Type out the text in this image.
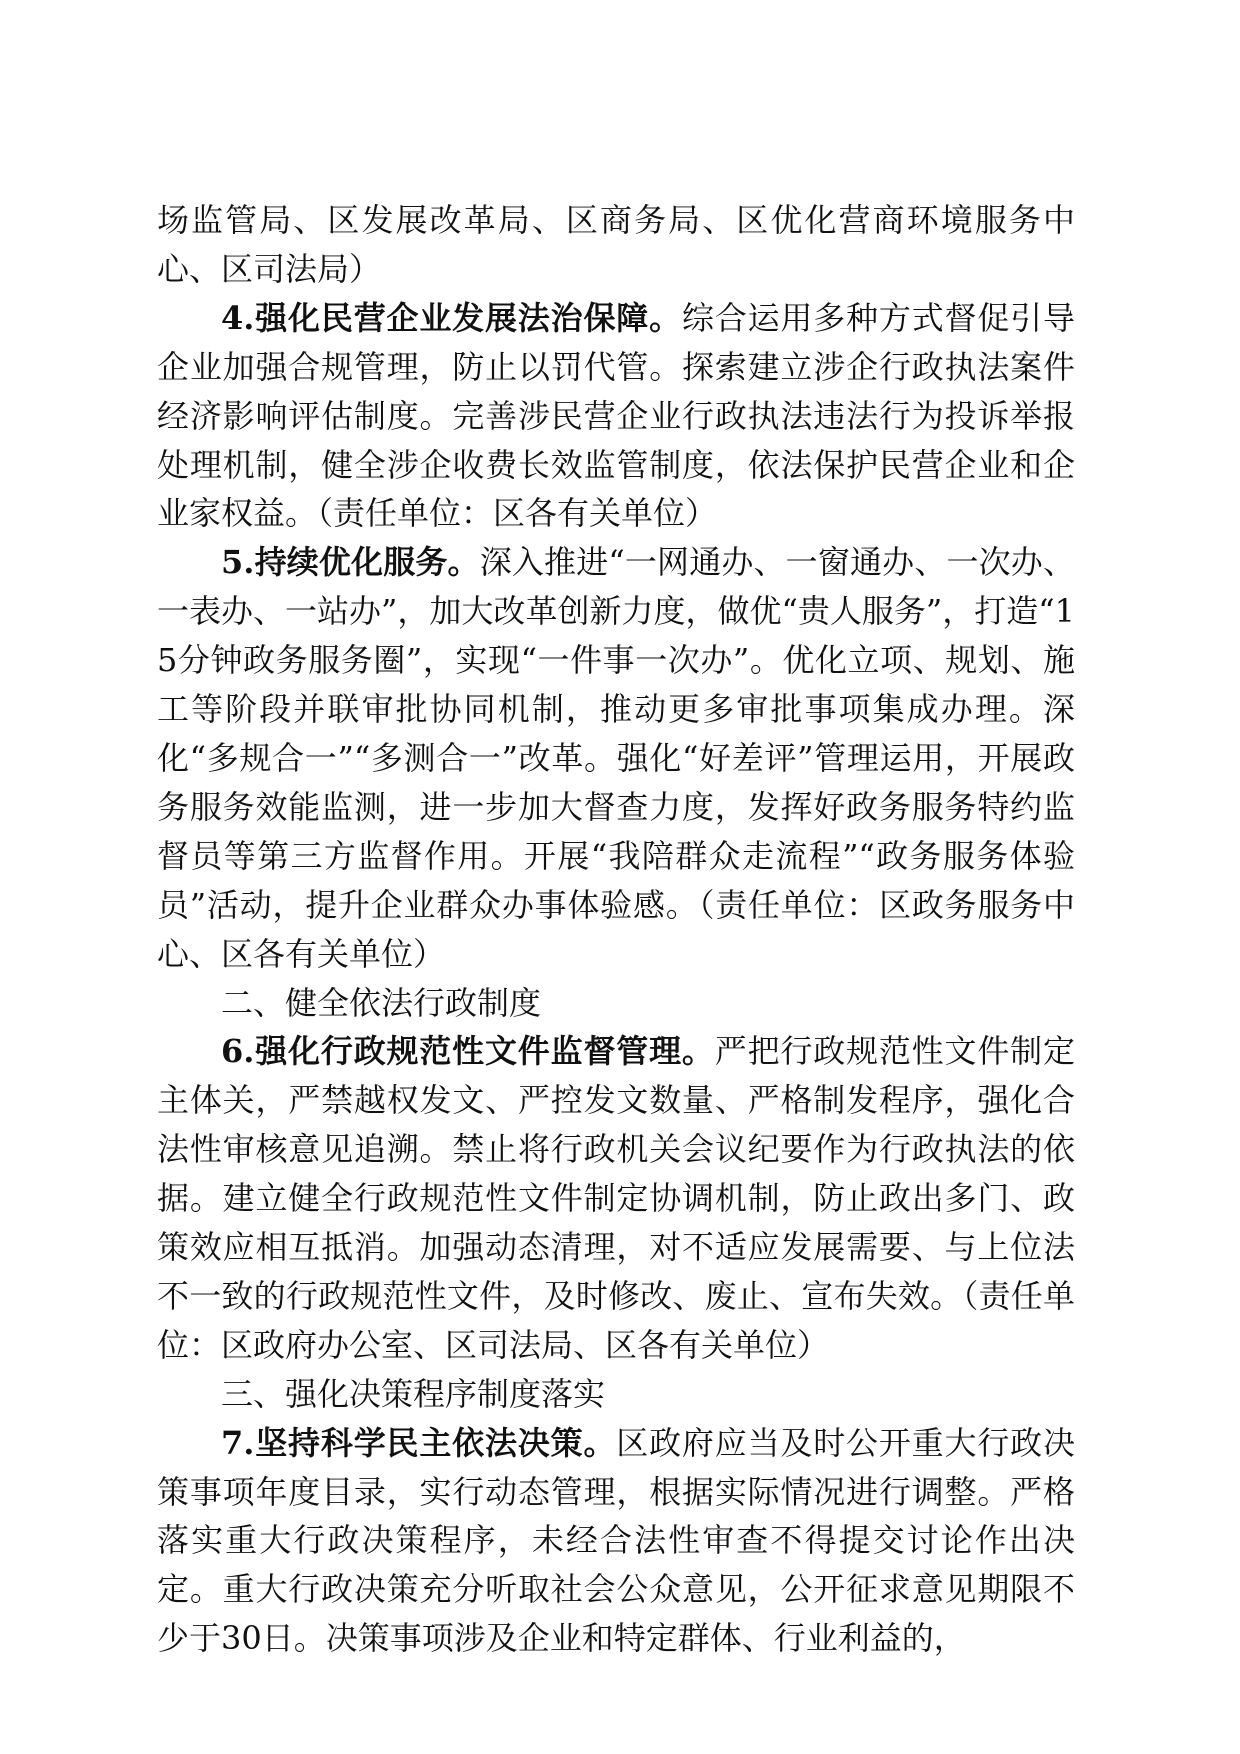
场监管局、区发展改革局、区商务局、区优化营商环境服务中心、区司法局）

4.强化民营企业发展法治保障。综合运用多种方式督促引导企业加强合规管理，防止以罚代管。探索建立涉企行政执法案件经济影响评估制度。完善涉民营企业行政执法违法行为投诉举报处理机制，健全涉企收费长效监管制度，依法保护民营企业和企业家权益。（责任单位：区各有关单位）

5.持续优化服务。深入推进“一网通办、一窗通办、一次办、一表办、一站办”，加大改革创新力度，做优“贵人服务”，打造“15分钟政务服务圈”，实现“一件事一次办”。优化立项、规划、施工等阶段并联审批协同机制，推动更多审批事项集成办理。深化“多规合一”“多测合一”改革。强化“好差评”管理运用，开展政务服务效能监测，进一步加大督查力度，发挥好政务服务特约监督员等第三方监督作用。开展“我陪群众走流程”“政务服务体验员”活动，提升企业群众办事体验感。（责任单位：区政务服务中心、区各有关单位）

二、健全依法行政制度

6.强化行政规范性文件监督管理。严把行政规范性文件制定主体关，严禁越权发文、严控发文数量、严格制发程序，强化合法性审核意见追溯。禁止将行政机关会议纪要作为行政执法的依据。建立健全行政规范性文件制定协调机制，防止政出多门、政策效应相互抵消。加强动态清理，对不适应发展需要、与上位法不一致的行政规范性文件，及时修改、废止、宣布失效。（责任单位：区政府办公室、区司法局、区各有关单位）

三、强化决策程序制度落实

7.坚持科学民主依法决策。区政府应当及时公开重大行政决策事项年度目录，实行动态管理，根据实际情况进行调整。严格落实重大行政决策程序，未经合法性审查不得提交讨论作出决定。重大行政决策充分听取社会公众意见，公开征求意见期限不少于30日。决策事项涉及企业和特定群体、行业利益的，
